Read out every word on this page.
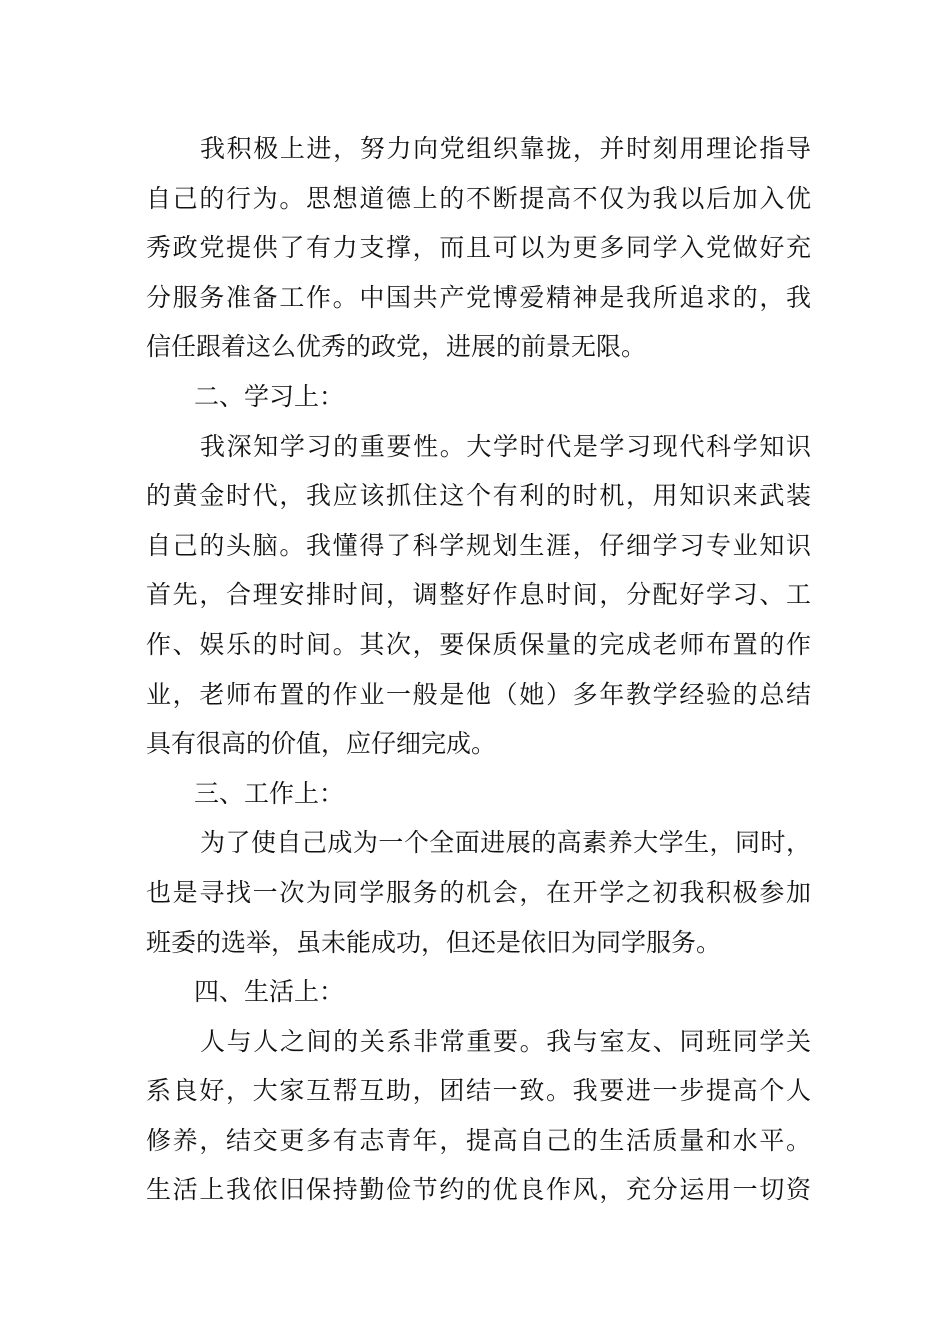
我积极上进，努力向党组织靠拢，并时刻用理论指导
自己的行为。思想道德上的不断提高不仅为我以后加入优
秀政党提供了有力支撑，而且可以为更多同学入党做好充
分服务准备工作。中国共产党博爱精神是我所追求的，我
信任跟着这么优秀的政党，进展的前景无限。
二、学习上：
我深知学习的重要性。大学时代是学习现代科学知识
的黄金时代，我应该抓住这个有利的时机，用知识来武装
自己的头脑。我懂得了科学规划生涯，仔细学习专业知识
首先，合理安排时间，调整好作息时间，分配好学习、工
作、娱乐的时间。其次，要保质保量的完成老师布置的作
业，老师布置的作业一般是他（她）多年教学经验的总结
具有很高的价值，应仔细完成。
三、工作上：
为了使自己成为一个全面进展的高素养大学生，同时，
也是寻找一次为同学服务的机会，在开学之初我积极参加
班委的选举，虽未能成功，但还是依旧为同学服务。
四、生活上：
人与人之间的关系非常重要。我与室友、同班同学关
系良好，大家互帮互助，团结一致。我要进一步提高个人
修养，结交更多有志青年，提高自己的生活质量和水平。
生活上我依旧保持勤俭节约的优良作风，充分运用一切资
